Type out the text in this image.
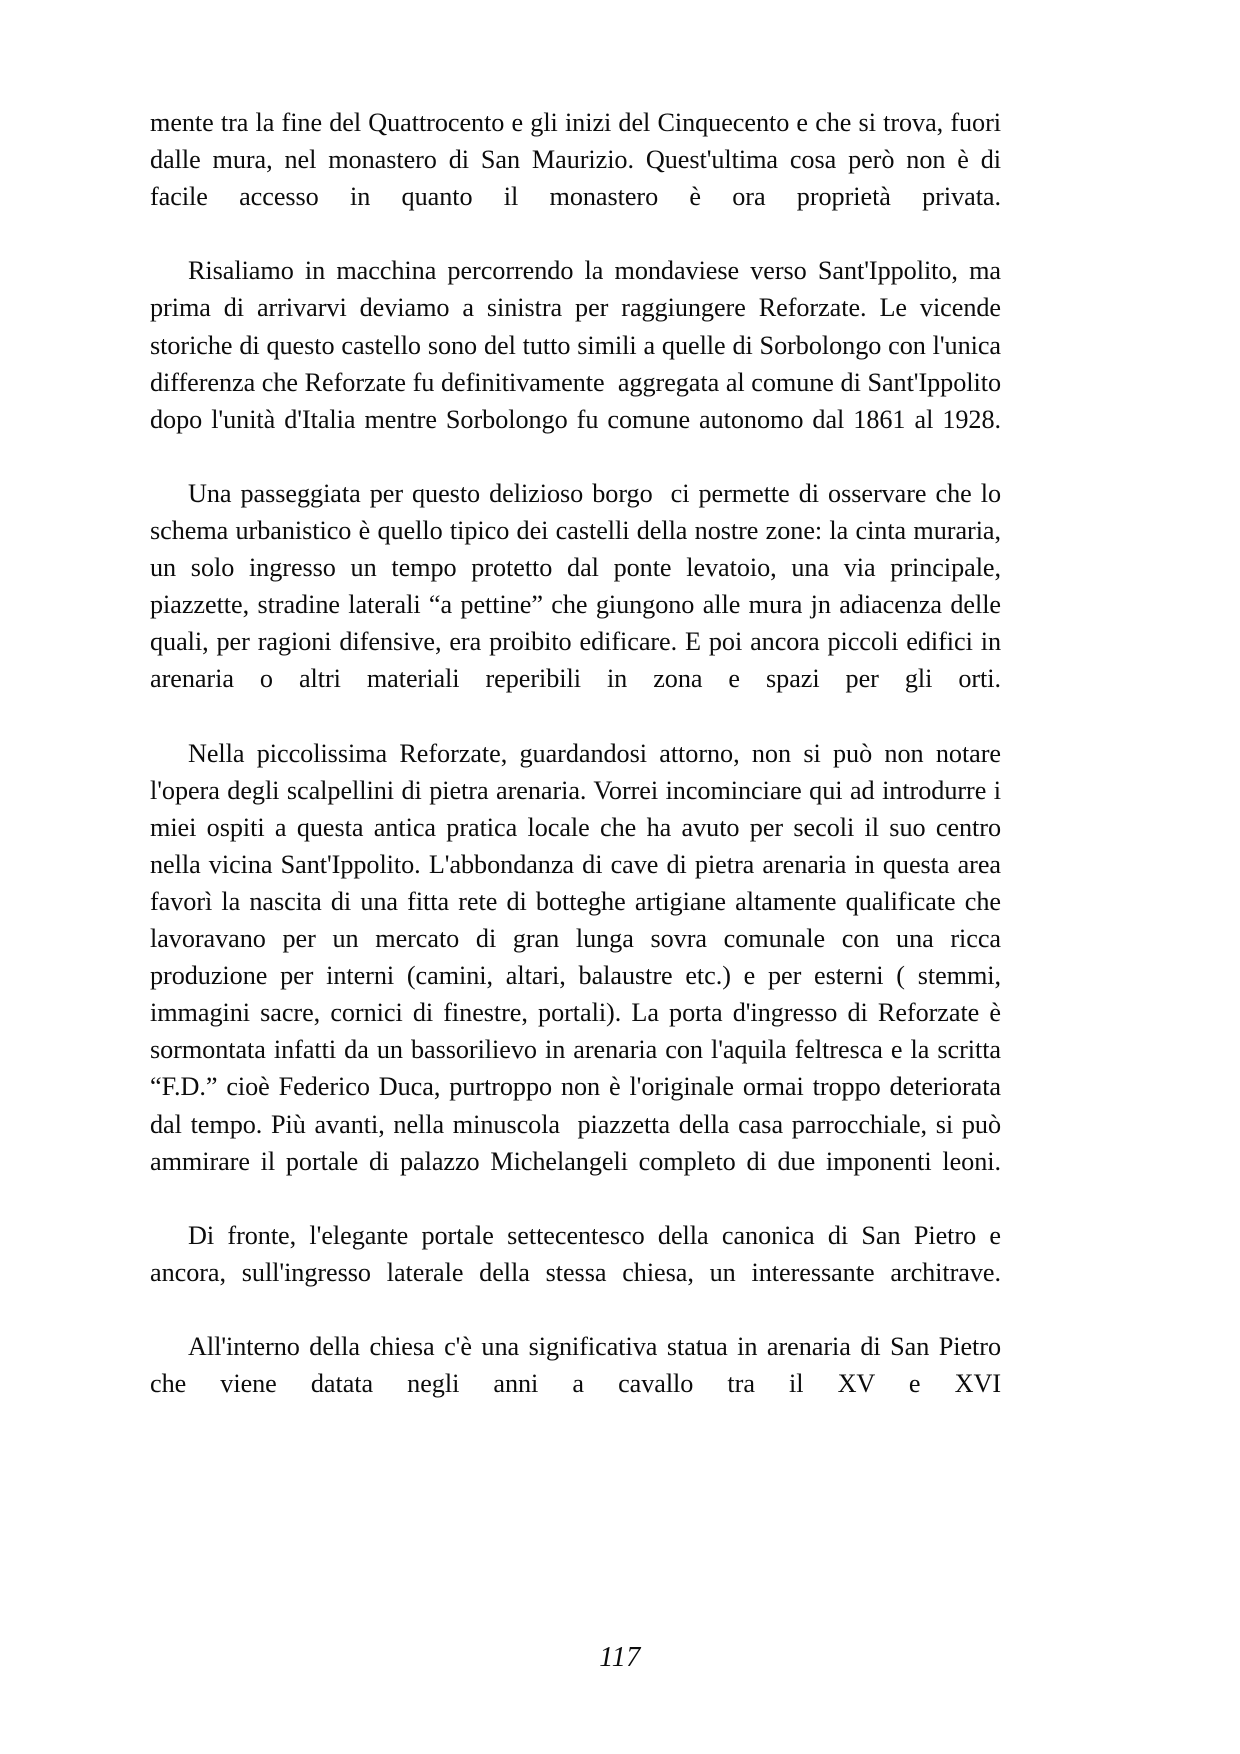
mente tra la fine del Quattrocento e gli inizi del Cinquecento e che si trova, fuori dalle mura, nel monastero di San Maurizio. Quest'ultima cosa però non è di facile accesso in quanto il monastero è ora proprietà privata.

Risaliamo in macchina percorrendo la mondaviese verso Sant'Ippolito, ma prima di arrivarvi deviamo a sinistra per raggiungere Reforzate. Le vicende storiche di questo castello sono del tutto simili a quelle di Sorbolongo con l'unica differenza che Reforzate fu definitivamente  aggregata al comune di Sant'Ippolito dopo l'unità d'Italia mentre Sorbolongo fu comune autonomo dal 1861 al 1928.

Una passeggiata per questo delizioso borgo  ci permette di osservare che lo schema urbanistico è quello tipico dei castelli della nostre zone: la cinta muraria, un solo ingresso un tempo protetto dal ponte levatoio, una via principale, piazzette, stradine laterali “a pettine” che giungono alle mura jn adiacenza delle quali, per ragioni difensive, era proibito edificare. E poi ancora piccoli edifici in arenaria o altri materiali reperibili in zona e spazi per gli orti.

Nella piccolissima Reforzate, guardandosi attorno, non si può non notare  l'opera degli scalpellini di pietra arenaria. Vorrei incominciare qui ad introdurre i miei ospiti a questa antica pratica locale che ha avuto per secoli il suo centro nella vicina Sant'Ippolito. L'abbondanza di cave di pietra arenaria in questa area favorì la nascita di una fitta rete di botteghe artigiane altamente qualificate che lavoravano per un mercato di gran lunga sovra comunale con una ricca produzione per interni (camini, altari, balaustre etc.) e per esterni ( stemmi, immagini sacre, cornici di finestre, portali). La porta d'ingresso di Reforzate è sormontata infatti da un bassorilievo in arenaria con l'aquila feltresca e la scritta “F.D.” cioè Federico Duca, purtroppo non è l'originale ormai troppo deteriorata dal tempo. Più avanti, nella minuscola  piazzetta della casa parrocchiale, si può ammirare il portale di palazzo Michelangeli completo di due imponenti leoni.

Di fronte, l'elegante portale settecentesco della canonica di San Pietro e ancora, sull'ingresso laterale della stessa chiesa, un interessante architrave.

All'interno della chiesa c'è una significativa statua in arenaria di San Pietro che viene datata negli anni a cavallo tra il XV e XVI

117
